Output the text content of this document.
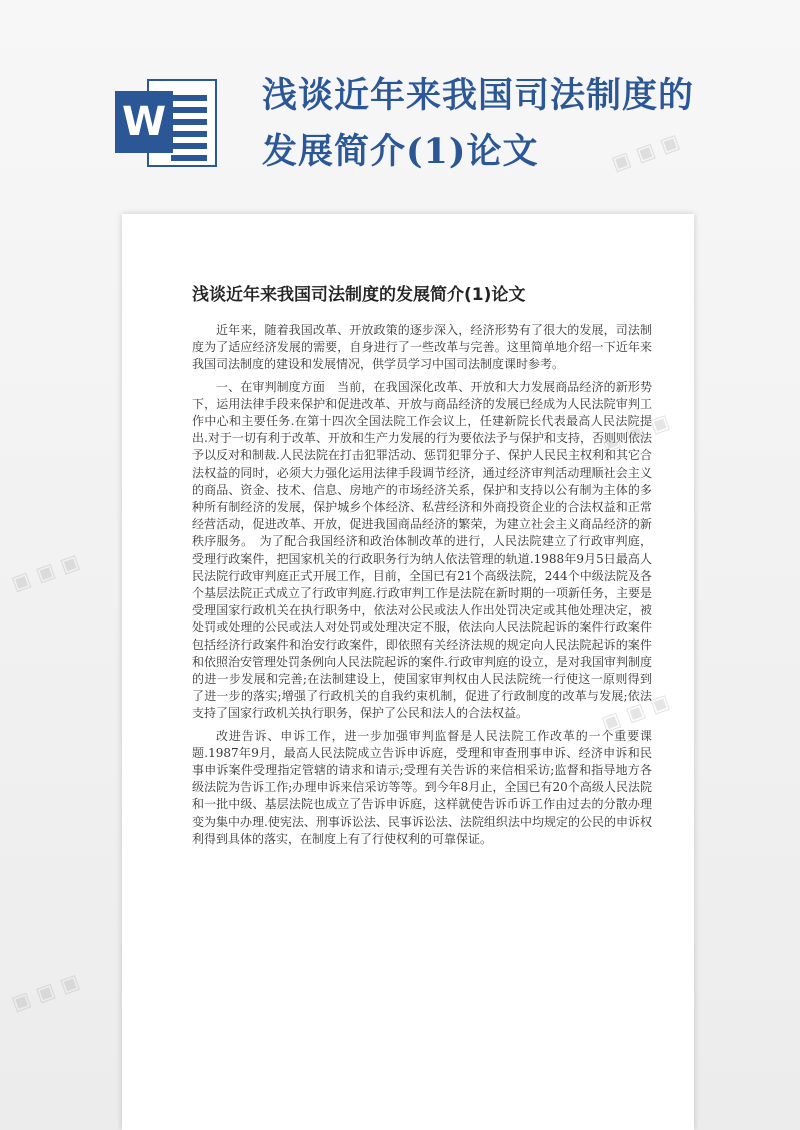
W
浅谈近年来我国司法制度的发展简介(1)论文
浅谈近年来我国司法制度的发展简介(1)论文

近年来，随着我国改革、开放政策的逐步深入，经济形势有了很大的发展，司法制度为了适应经济发展的需要，自身进行了一些改革与完善。这里简单地介绍一下近年来我国司法制度的建设和发展情况，供学员学习中国司法制度课时参考。

一、在审判制度方面　当前，在我国深化改革、开放和大力发展商品经济的新形势下，运用法律手段来保护和促进改革、开放与商品经济的发展已经成为人民法院审判工作中心和主要任务.在第十四次全国法院工作会议上，任建新院长代表最高人民法院提出.对于一切有利于改革、开放和生产力发展的行为要依法予与保护和支持，否则则依法予以反对和制裁.人民法院在打击犯罪活动、惩罚犯罪分子、保护人民民主权利和其它合法权益的同时，必须大力强化运用法律手段调节经济，通过经济审判活动理顺社会主义的商品、资金、技术、信息、房地产的市场经济关系，保护和支持以公有制为主体的多种所有制经济的发展，保护城乡个体经济、私营经济和外商投资企业的合法权益和正常经营活动，促进改革、开放，促进我国商品经济的繁荣，为建立社会主义商品经济的新秩序服务。　为了配合我国经济和政治体制改革的进行，人民法院建立了行政审判庭，受理行政案件，把国家机关的行政职务行为纳人依法管理的轨道.1988年9月5日最高人民法院行政审判庭正式开展工作，目前，全国已有21个高级法院，244个中级法院及各个基层法院正式成立了行政审判庭.行政审判工作是法院在新时期的一项新任务，主要是受理国家行政机关在执行职务中，依法对公民或法人作出处罚决定或其他处理决定，被处罚或处理的公民或法人对处罚或处理决定不服，依法向人民法院起诉的案件行政案件包括经济行政案件和治安行政案件，即依照有关经济法规的规定向人民法院起诉的案件和依照治安管理处罚条例向人民法院起诉的案件.行政审判庭的设立，是对我国审判制度的进一步发展和完善;在法制建设上，使国家审判权由人民法院统一行使这一原则得到了进一步的落实;增强了行政机关的自我约束机制，促进了行政制度的改革与发展;依法支持了国家行政机关执行职务，保护了公民和法人的合法权益。

改进告诉、申诉工作，进一步加强审判监督是人民法院工作改革的一个重要课题.1987年9月，最高人民法院成立告诉申诉庭，受理和审查刑事申诉、经济申诉和民事申诉案件受理指定管辖的请求和请示;受理有关告诉的来信相采访;监督和指导地方各级法院为告诉工作;办理申诉来信采访等等。到今年8月止，全国已有20个高级人民法院和一批中级、基层法院也成立了告诉申诉庭，这样就使告诉币诉工作由过去的分散办理变为集中办理.使宪法、刑事诉讼法、民事诉讼法、法院组织法中均规定的公民的申诉权利得到具体的落实，在制度上有了行使权利的可靠保证。

▣ ▣ ▣
▣ ▣ ▣
▣ ▣ ▣
▣ ▣ ▣
▣ ▣ ▣
